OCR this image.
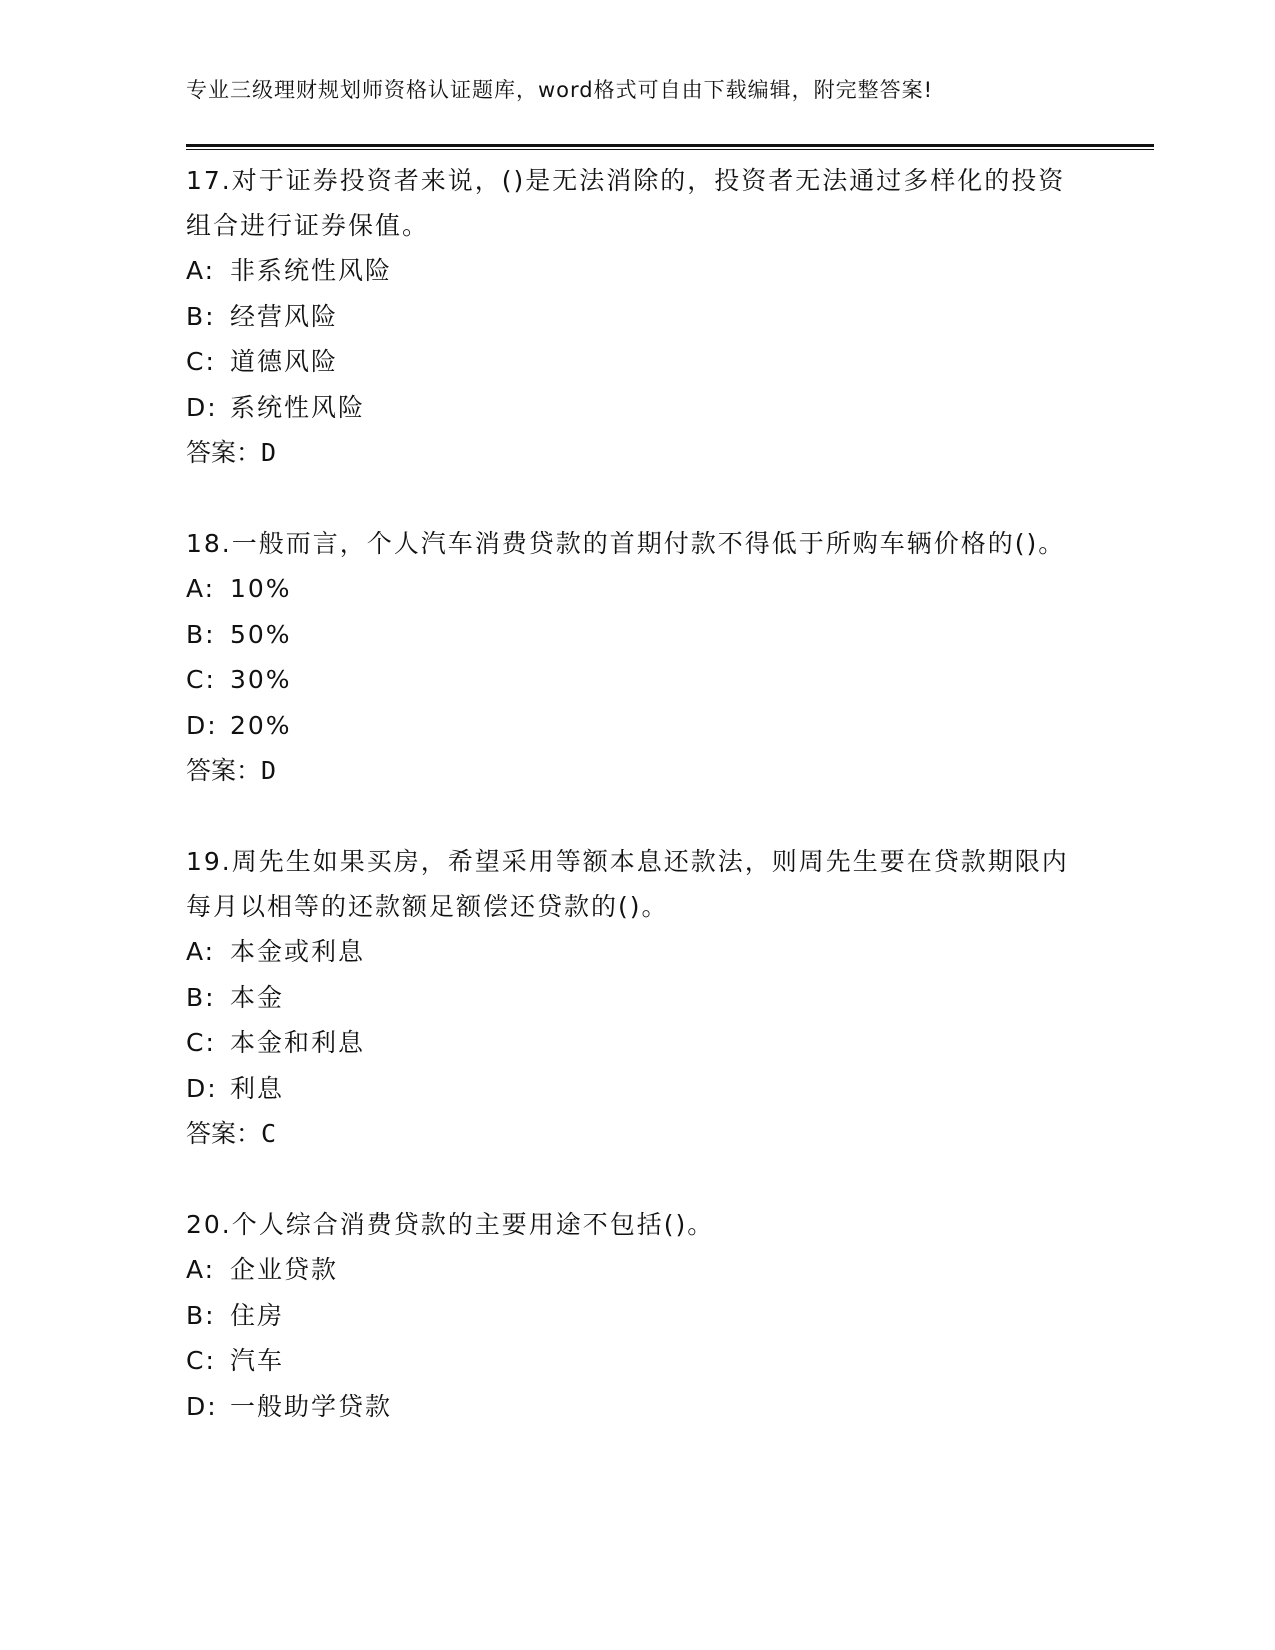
专业三级理财规划师资格认证题库，word格式可自由下载编辑，附完整答案!

17.对于证券投资者来说，()是无法消除的，投资者无法通过多样化的投资组合进行证券保值。

A: 非系统性风险

B: 经营风险

C: 道德风险

D: 系统性风险

答案：D

18.一般而言，个人汽车消费贷款的首期付款不得低于所购车辆价格的()。

A: 10%

B: 50%

C: 30%

D: 20%

答案：D

19.周先生如果买房，希望采用等额本息还款法，则周先生要在贷款期限内每月以相等的还款额足额偿还贷款的()。

A: 本金或利息

B: 本金

C: 本金和利息

D: 利息

答案：C

20.个人综合消费贷款的主要用途不包括()。

A: 企业贷款

B: 住房

C: 汽车

D: 一般助学贷款
